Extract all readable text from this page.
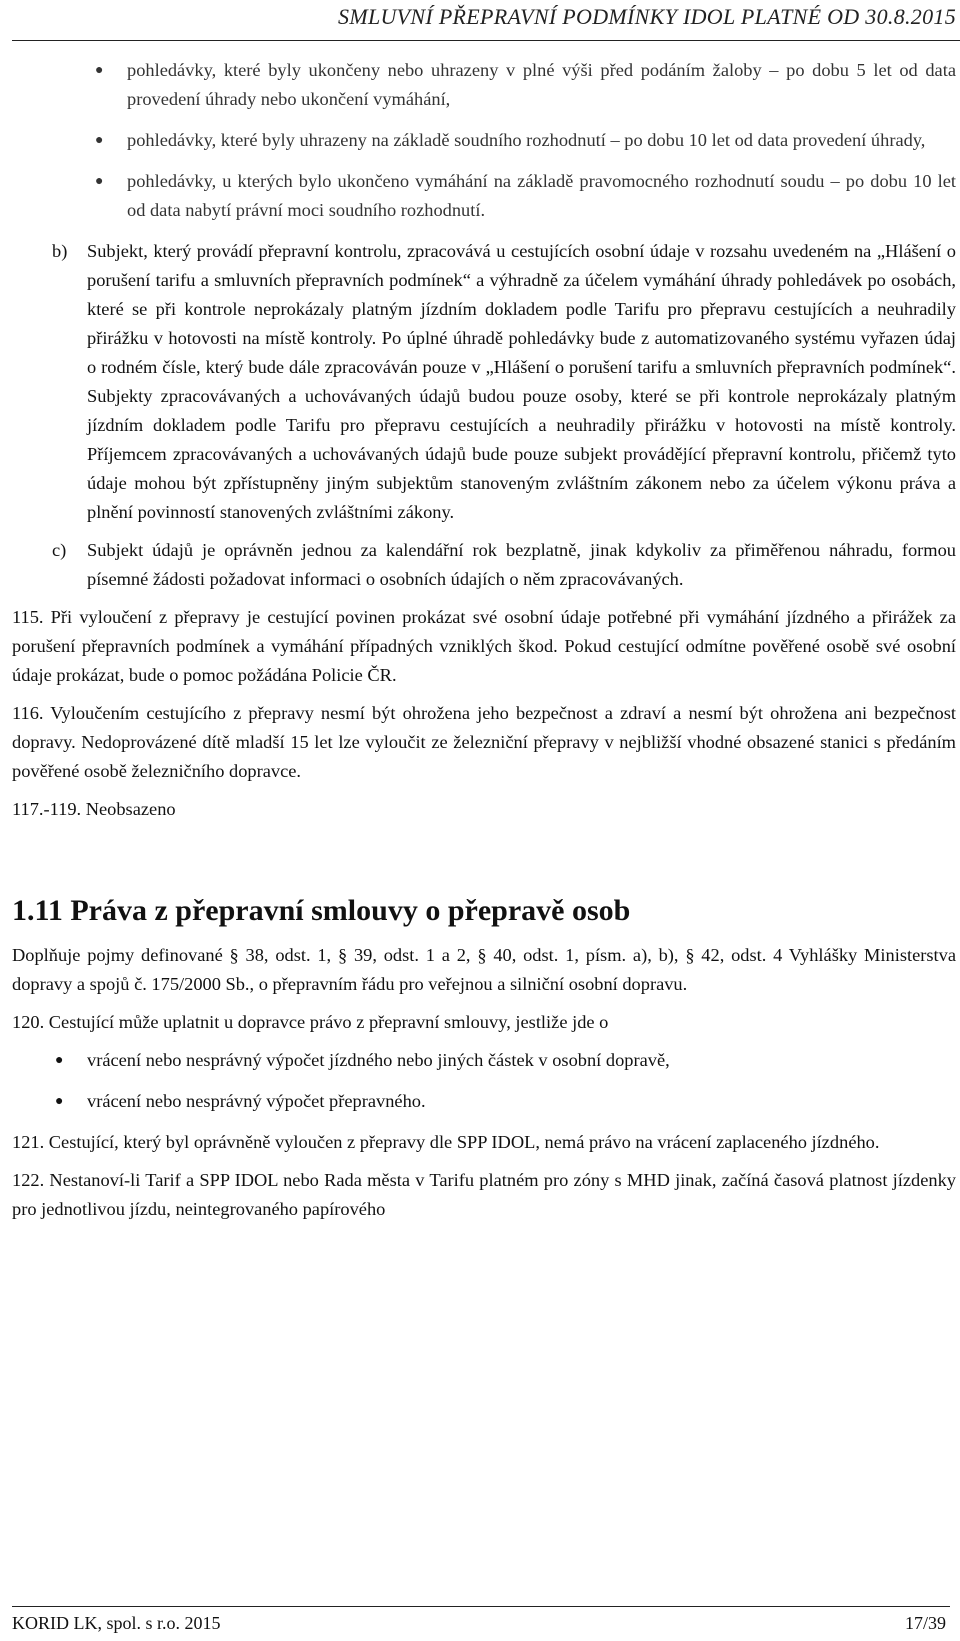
SMLUVNÍ PŘEPRAVNÍ PODMÍNKY IDOL PLATNÉ OD 30.8.2015
● pohledávky, které byly ukončeny nebo uhrazeny v plné výši před podáním žaloby – po dobu 5 let od data provedení úhrady nebo ukončení vymáhání,
● pohledávky, které byly uhrazeny na základě soudního rozhodnutí – po dobu 10 let od data provedení úhrady,
● pohledávky, u kterých bylo ukončeno vymáhání na základě pravomocného rozhodnutí soudu – po dobu 10 let od data nabytí právní moci soudního rozhodnutí.
b) Subjekt, který provádí přepravní kontrolu, zpracovává u cestujících osobní údaje v rozsahu uvedeném na „Hlášení o porušení tarifu a smluvních přepravních podmínek“ a výhradně za účelem vymáhání úhrady pohledávek po osobách, které se při kontrole neprokázaly platným jízdním dokladem podle Tarifu pro přepravu cestujících a neuhradily přirážku v hotovosti na místě kontroly. Po úplné úhradě pohledávky bude z automatizovaného systému vyřazen údaj o rodném čísle, který bude dále zpracováván pouze v „Hlášení o porušení tarifu a smluvních přepravních podmínek“. Subjekty zpracovávaných a uchovávaných údajů budou pouze osoby, které se při kontrole neprokázaly platným jízdním dokladem podle Tarifu pro přepravu cestujících a neuhradily přirážku v hotovosti na místě kontroly. Příjemcem zpracovávaných a uchovávaných údajů bude pouze subjekt provádějící přepravní kontrolu, přičemž tyto údaje mohou být zpřístupněny jiným subjektům stanoveným zvláštním zákonem nebo za účelem výkonu práva a plnění povinností stanovených zvláštními zákony.
c) Subjekt údajů je oprávněn jednou za kalendářní rok bezplatně, jinak kdykoliv za přiměřenou náhradu, formou písemné žádosti požadovat informaci o osobních údajích o něm zpracovávaných.

115. Při vyloučení z přepravy je cestující povinen prokázat své osobní údaje potřebné při vymáhání jízdného a přirážek za porušení přepravních podmínek a vymáhání případných vzniklých škod. Pokud cestující odmítne pověřené osobě své osobní údaje prokázat, bude o pomoc požádána Policie ČR.

116. Vyloučením cestujícího z přepravy nesmí být ohrožena jeho bezpečnost a zdraví a nesmí být ohrožena ani bezpečnost dopravy. Nedoprovázené dítě mladší 15 let lze vyloučit ze železniční přepravy v nejbližší vhodné obsazené stanici s předáním pověřené osobě železničního dopravce.

117.-119. Neobsazeno

1.11 Práva z přepravní smlouvy o přepravě osob

Doplňuje pojmy definované § 38, odst. 1, § 39, odst. 1 a 2, § 40, odst. 1, písm. a), b), § 42, odst. 4 Vyhlášky Ministerstva dopravy a spojů č. 175/2000 Sb., o přepravním řádu pro veřejnou a silniční osobní dopravu.

120. Cestující může uplatnit u dopravce právo z přepravní smlouvy, jestliže jde o

● vrácení nebo nesprávný výpočet jízdného nebo jiných částek v osobní dopravě,
● vrácení nebo nesprávný výpočet přepravného.

121. Cestující, který byl oprávněně vyloučen z přepravy dle SPP IDOL, nemá právo na vrácení zaplaceného jízdného.

122. Nestanoví-li Tarif a SPP IDOL nebo Rada města v Tarifu platném pro zóny s MHD jinak, začíná časová platnost jízdenky pro jednotlivou jízdu, neintegrovaného papírového

KORID LK, spol. s r.o. 2015	17/39
